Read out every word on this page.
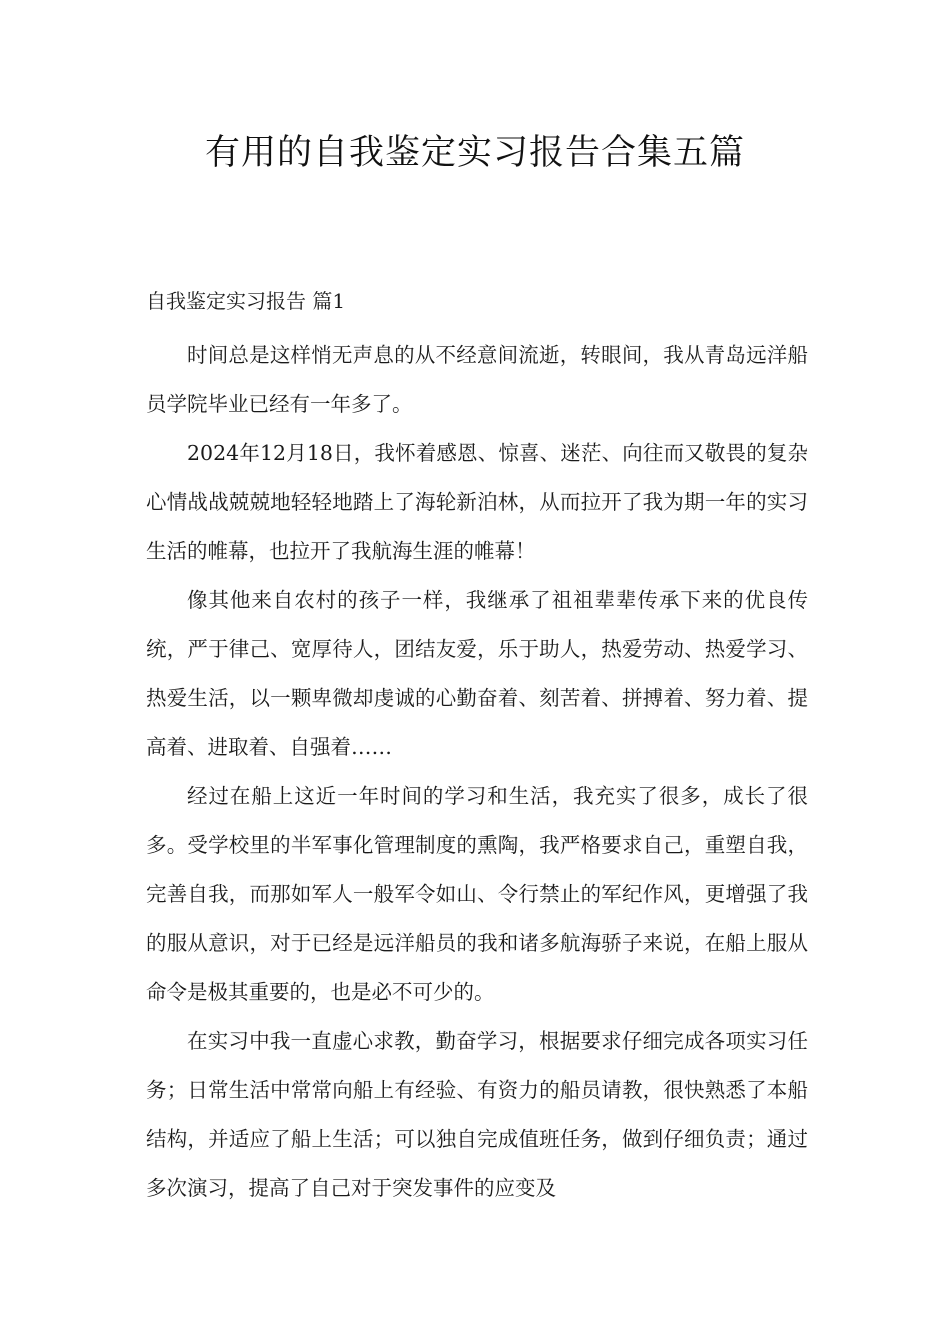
有用的自我鉴定实习报告合集五篇
自我鉴定实习报告 篇1

时间总是这样悄无声息的从不经意间流逝，转眼间，我从青岛远洋船员学院毕业已经有一年多了。

2024年12月18日，我怀着感恩、惊喜、迷茫、向往而又敬畏的复杂心情战战兢兢地轻轻地踏上了海轮新泊林，从而拉开了我为期一年的实习生活的帷幕，也拉开了我航海生涯的帷幕！

像其他来自农村的孩子一样，我继承了祖祖辈辈传承下来的优良传统，严于律己、宽厚待人，团结友爱，乐于助人，热爱劳动、热爱学习、热爱生活，以一颗卑微却虔诚的心勤奋着、刻苦着、拼搏着、努力着、提高着、进取着、自强着……

经过在船上这近一年时间的学习和生活，我充实了很多，成长了很多。受学校里的半军事化管理制度的熏陶，我严格要求自己，重塑自我，完善自我，而那如军人一般军令如山、令行禁止的军纪作风，更增强了我的服从意识，对于已经是远洋船员的我和诸多航海骄子来说，在船上服从命令是极其重要的，也是必不可少的。

在实习中我一直虚心求教，勤奋学习，根据要求仔细完成各项实习任务；日常生活中常常向船上有经验、有资力的船员请教，很快熟悉了本船结构，并适应了船上生活；可以独自完成值班任务，做到仔细负责；通过多次演习，提高了自己对于突发事件的应变及
